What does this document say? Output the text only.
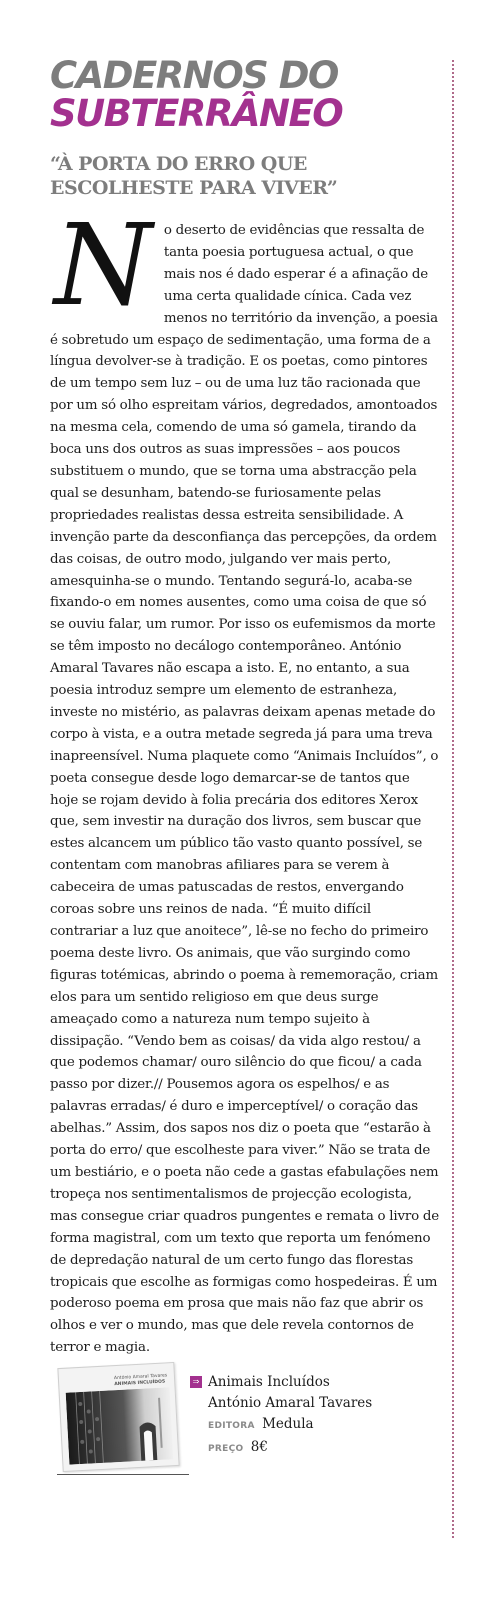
CADERNOS DO
SUBTERRÂNEO
“À PORTA DO ERRO QUE ESCOLHESTE PARA VIVER”
N o deserto de evidências que ressalta de tanta poesia portuguesa actual, o que mais nos é dado esperar é a afinação de uma certa qualidade cínica. Cada vez menos no território da invenção, a poesia é sobretudo um espaço de sedimentação, uma forma de a língua devolver-se à tradição. E os poetas, como pintores de um tempo sem luz – ou de uma luz tão racionada que por um só olho espreitam vários, degredados, amontoados na mesma cela, comendo de uma só gamela, tirando da boca uns dos outros as suas impressões – aos poucos substituem o mundo, que se torna uma abstracção pela qual se desunham, batendo-se furiosamente pelas propriedades realistas dessa estreita sensibilidade. A invenção parte da desconfiança das percepções, da ordem das coisas, de outro modo, julgando ver mais perto, amesquinha-se o mundo. Tentando segurá-lo, acaba-se fixando-o em nomes ausentes, como uma coisa de que só se ouviu falar, um rumor. Por isso os eufemismos da morte se têm imposto no decálogo contemporâneo. António Amaral Tavares não escapa a isto. E, no entanto, a sua poesia introduz sempre um elemento de estranheza, investe no mistério, as palavras deixam apenas metade do corpo à vista, e a outra metade segreda já para uma treva inapreensível. Numa plaquete como “Animais Incluídos”, o poeta consegue desde logo demarcar-se de tantos que hoje se rojam devido à folia precária dos editores Xerox que, sem investir na duração dos livros, sem buscar que estes alcancem um público tão vasto quanto possível, se contentam com manobras afiliares para se verem à cabeceira de umas patuscadas de restos, envergando coroas sobre uns reinos de nada. “É muito difícil contrariar a luz que anoitece”, lê-se no fecho do primeiro poema deste livro. Os animais, que vão surgindo como figuras totémicas, abrindo o poema à rememoração, criam elos para um sentido religioso em que deus surge ameaçado como a natureza num tempo sujeito à dissipação. “Vendo bem as coisas/ da vida algo restou/ a que podemos chamar/ ouro silêncio do que ficou/ a cada passo por dizer.// Pousemos agora os espelhos/ e as palavras erradas/ é duro e imperceptível/ o coração das abelhas.” Assim, dos sapos nos diz o poeta que “estarão à porta do erro/ que escolheste para viver.” Não se trata de um bestiário, e o poeta não cede a gastas efabulações nem tropeça nos sentimentalismos de projecção ecologista, mas consegue criar quadros pungentes e remata o livro de forma magistral, com um texto que reporta um fenómeno de depredação natural de um certo fungo das florestas tropicais que escolhe as formigas como hospedeiras. É um poderoso poema em prosa que mais não faz que abrir os olhos e ver o mundo, mas que dele revela contornos de terror e magia.
António Amaral Tavares
ANIMAIS INCLUÍDOS	⇒ Animais Incluídos
António Amaral Tavares
EDITORA Medula
PREÇO 8€
